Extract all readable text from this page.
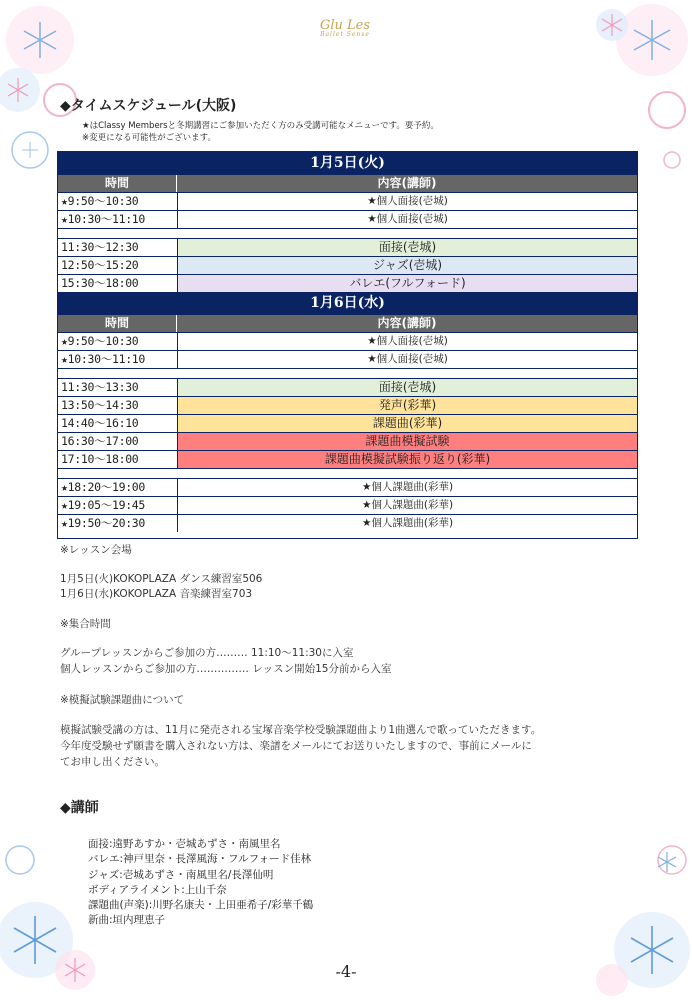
Glu Les
Ballet Sense
◆タイムスケジュール(大阪)
★はClassy Membersと冬期講習にご参加いただく方のみ受講可能なメニューです。要予約。
※変更になる可能性がございます。
1月5日(火)
時間	内容(講師)
★9:50〜10:30	★個人面接(壱城)
★10:30〜11:10	★個人面接(壱城)
11:30〜12:30	面接(壱城)
12:50〜15:20	ジャズ(壱城)
15:30〜18:00	バレエ(フルフォード)
1月6日(水)
時間	内容(講師)
★9:50〜10:30	★個人面接(壱城)
★10:30〜11:10	★個人面接(壱城)
11:30〜13:30	面接(壱城)
13:50〜14:30	発声(彩華)
14:40〜16:10	課題曲(彩華)
16:30〜17:00	課題曲模擬試験
17:10〜18:00	課題曲模擬試験振り返り(彩華)
★18:20〜19:00	★個人課題曲(彩華)
★19:05〜19:45	★個人課題曲(彩華)
★19:50〜20:30	★個人課題曲(彩華)
※レッスン会場
1月5日(火)KOKOPLAZA ダンス練習室506
1月6日(水)KOKOPLAZA 音楽練習室703
※集合時間
グループレッスンからご参加の方……… 11:10〜11:30に入室
個人レッスンからご参加の方…………… レッスン開始15分前から入室
※模擬試験課題曲について
模擬試験受講の方は、11月に発売される宝塚音楽学校受験課題曲より1曲選んで歌っていただきます。
今年度受験せず願書を購入されない方は、楽譜をメールにてお送りいたしますので、事前にメールに
てお申し出ください。
◆講師
面接:遠野あすか・壱城あずさ・南風里名
バレエ:神戸里奈・長澤風海・フルフォード佳林
ジャズ:壱城あずさ・南風里名/長澤仙明
ボディアライメント:上山千奈
課題曲(声楽):川野名康夫・上田亜希子/彩華千鶴
新曲:垣内理恵子
-4-
